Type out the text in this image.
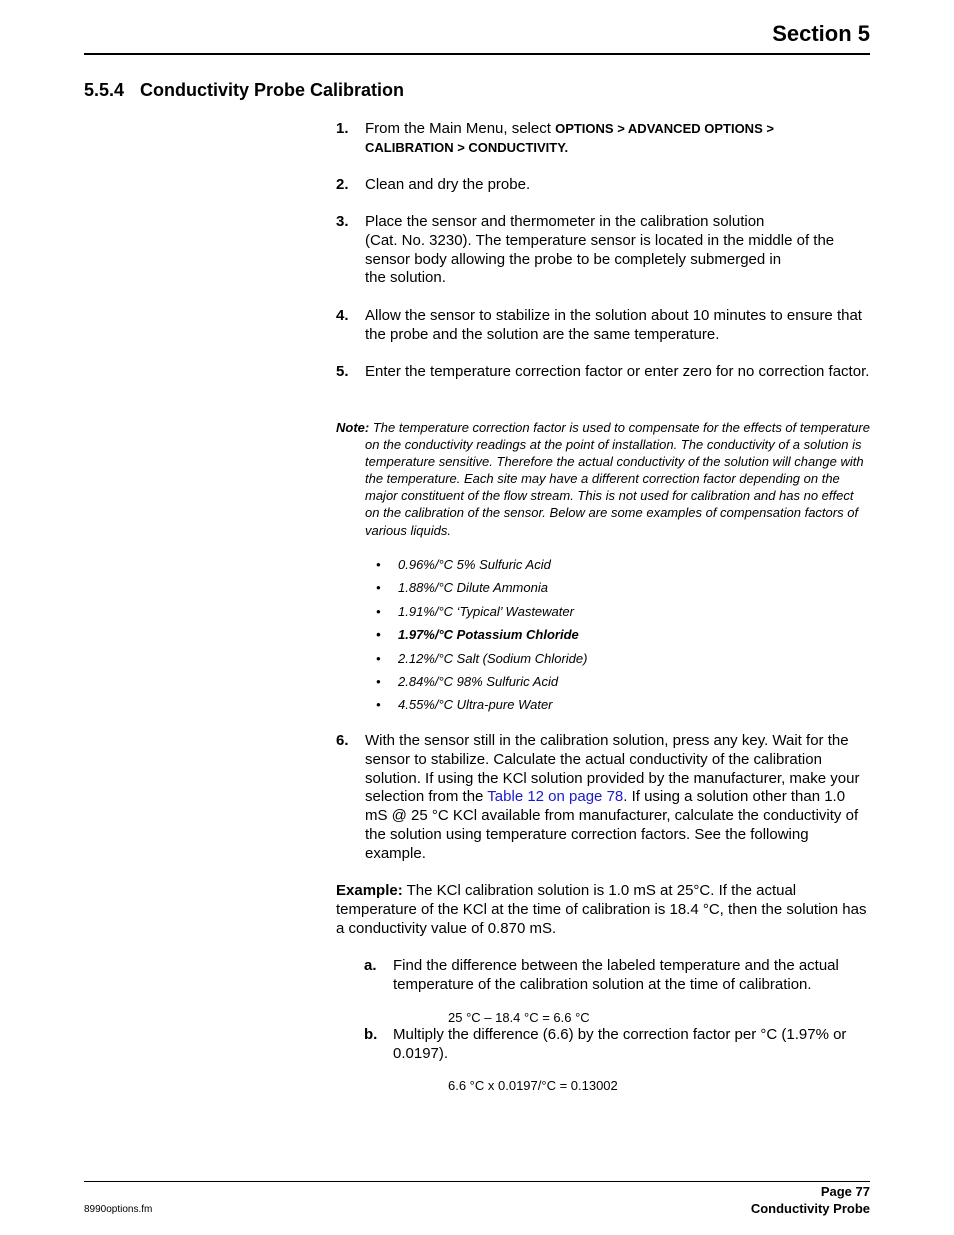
Section 5
5.5.4 Conductivity Probe Calibration
1. From the Main Menu, select OPTIONS > ADVANCED OPTIONS >
CALIBRATION > CONDUCTIVITY.
2. Clean and dry the probe.
3. Place the sensor and thermometer in the calibration solution
(Cat. No. 3230). The temperature sensor is located in the middle of the
sensor body allowing the probe to be completely submerged in
the solution.
4. Allow the sensor to stabilize in the solution about 10 minutes to ensure that the probe and the solution are the same temperature.
5. Enter the temperature correction factor or enter zero for no correction factor.
Note: The temperature correction factor is used to compensate for the effects of temperature on the conductivity readings at the point of installation. The conductivity of a solution is temperature sensitive. Therefore the actual conductivity of the solution will change with the temperature. Each site may have a different correction factor depending on the major constituent of the flow stream. This is not used for calibration and has no effect on the calibration of the sensor. Below are some examples of compensation factors of various liquids.
• 0.96%/°C 5% Sulfuric Acid
• 1.88%/°C Dilute Ammonia
• 1.91%/°C ‘Typical’ Wastewater
• 1.97%/°C Potassium Chloride
• 2.12%/°C Salt (Sodium Chloride)
• 2.84%/°C 98% Sulfuric Acid
• 4.55%/°C Ultra-pure Water
6. With the sensor still in the calibration solution, press any key. Wait for the sensor to stabilize. Calculate the actual conductivity of the calibration solution. If using the KCl solution provided by the manufacturer, make your selection from the Table 12 on page 78. If using a solution other than 1.0 mS @ 25 °C KCl available from manufacturer, calculate the conductivity of the solution using temperature correction factors. See the following example.
Example: The KCl calibration solution is 1.0 mS at 25°C. If the actual temperature of the KCl at the time of calibration is 18.4 °C, then the solution has a conductivity value of 0.870 mS.
a. Find the difference between the labeled temperature and the actual temperature of the calibration solution at the time of calibration.
25 °C – 18.4 °C = 6.6 °C
b. Multiply the difference (6.6) by the correction factor per °C (1.97% or 0.0197).
6.6 °C x 0.0197/°C = 0.13002
Page 77
Conductivity Probe
8990options.fm
